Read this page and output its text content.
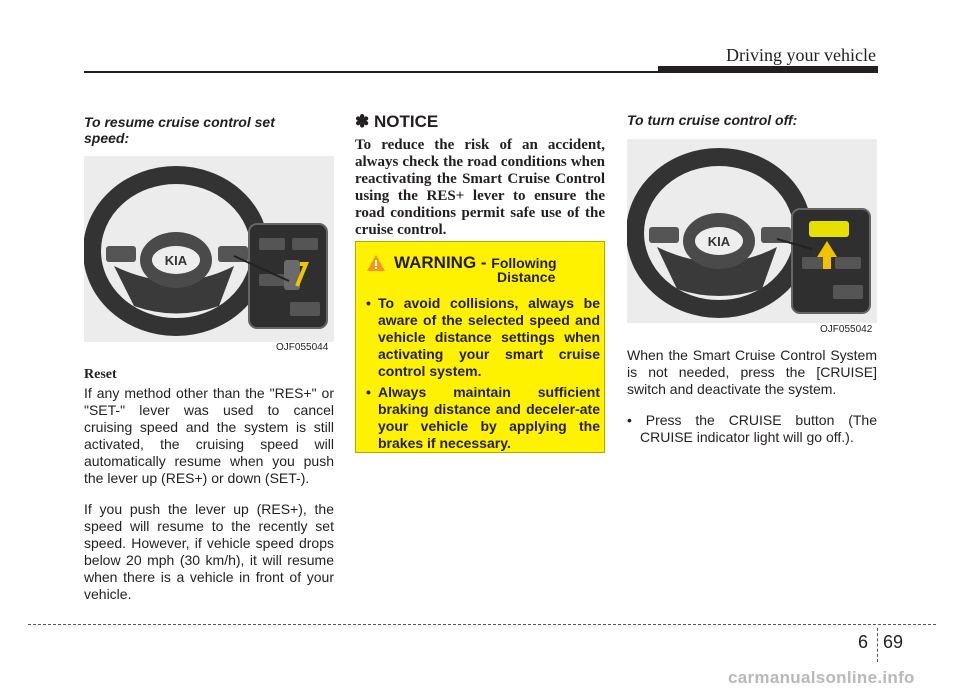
Driving your vehicle
To resume cruise control set speed:
KIA
OJF055044
Reset
If any method other than the "RES+" or "SET-" lever was used to cancel cruising speed and the system is still activated, the cruising speed will automatically resume when you push the lever up (RES+) or down (SET-).
If you push the lever up (RES+), the speed will resume to the recently set speed. However, if vehicle speed drops below 20 mph (30 km/h), it will resume when there is a vehicle in front of your vehicle.
✽ NOTICE
To reduce the risk of an accident, always check the road conditions when reactivating the Smart Cruise Control using the RES+ lever to ensure the road conditions permit safe use of the cruise control.
WARNING - Following
Distance
• To avoid collisions, always be aware of the selected speed and vehicle distance settings when activating your smart cruise control system.
• Always maintain sufficient braking distance and deceler-ate your vehicle by applying the brakes if necessary.
To turn cruise control off:
KIA
OJF055042
When the Smart Cruise Control System is not needed, press the [CRUISE] switch and deactivate the system.
• Press the CRUISE button (The CRUISE indicator light will go off.).
6 69
carmanualsonline.info
